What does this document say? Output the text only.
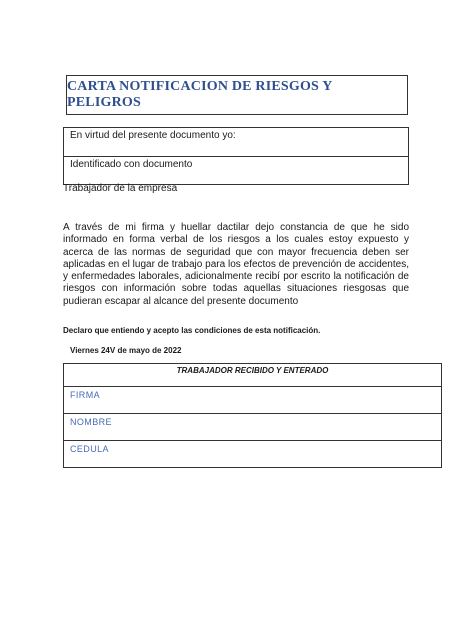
CARTA NOTIFICACION DE RIESGOS Y PELIGROS
En virtud del presente documento yo:
Identificado con documento
Trabajador de la empresa
A través de mi firma y huellar dactilar dejo constancia de que he sido informado en forma verbal de los riesgos a los cuales estoy expuesto y acerca de las normas de seguridad que con mayor frecuencia deben ser aplicadas en el lugar de trabajo para los efectos de prevención de accidentes, y enfermedades laborales, adicionalmente recibí por escrito la notificación de riesgos con información sobre todas aquellas situaciones riesgosas que pudieran escapar al alcance del presente documento
Declaro que entiendo y acepto las condiciones de esta notificación.
Viernes 24V de mayo de 2022
TRABAJADOR RECIBIDO Y ENTERADO
FIRMA
NOMBRE
CEDULA
